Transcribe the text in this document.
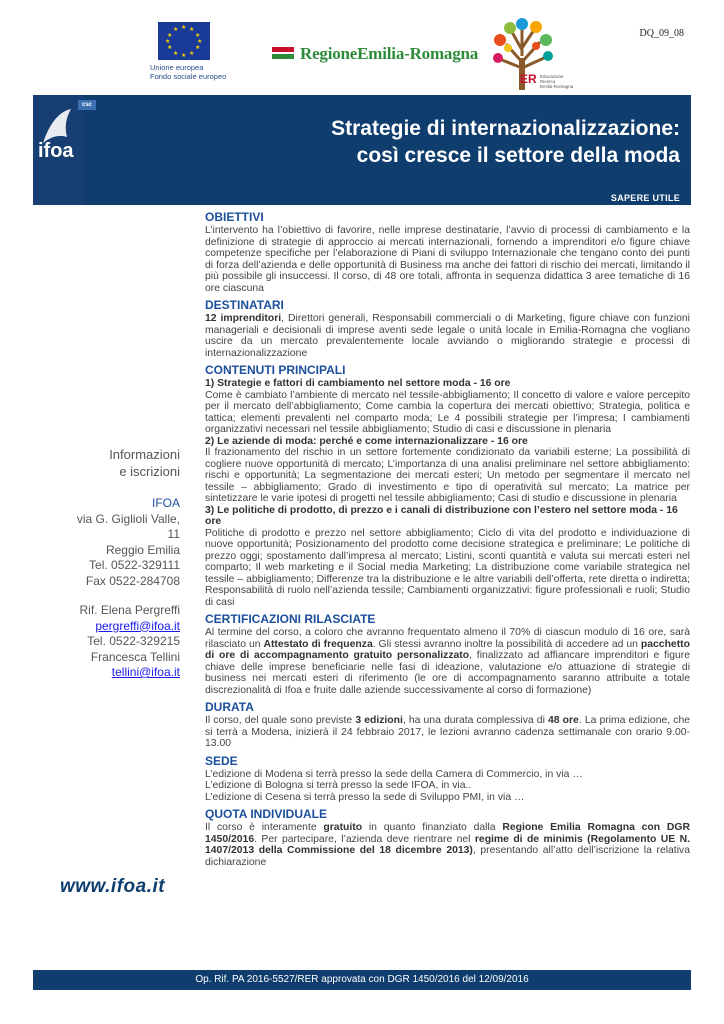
DQ_09_08
★ ★
★
★
★
★
★
★
★
★
★
★
Unione europea
Fondo sociale europeo
RegioneEmilia-Romagna
ER Educazione
Ricerca
Emilia-Romagna
csc
ifoa
Strategie di internazionalizzazione:
così cresce il settore della moda
SAPERE UTILE
Informazioni
e iscrizioni
IFOA
via G. Giglioli Valle,
11
Reggio Emilia
Tel. 0522-329111
Fax 0522-284708
Rif. Elena Pergreffi
pergreffi@ifoa.it
Tel. 0522-329215
Francesca Tellini
tellini@ifoa.it
www.ifoa.it
OBIETTIVI
L’intervento ha l’obiettivo di favorire, nelle imprese destinatarie, l’avvio di processi di cambiamento e la definizione di strategie di approccio ai mercati internazionali, fornendo a imprenditori e/o figure chiave competenze specifiche per l’elaborazione di Piani di sviluppo Internazionale che tengano conto dei punti di forza dell’azienda e delle opportunità di Business ma anche dei fattori di rischio dei mercati, limitando il più possibile gli insuccessi. Il corso, di 48 ore totali, affronta in sequenza didattica 3 aree tematiche di 16 ore ciascuna
DESTINATARI
12 imprenditori, Direttori generali, Responsabili commerciali o di Marketing, figure chiave con funzioni manageriali e decisionali di imprese aventi sede legale o unità locale in Emilia-Romagna che vogliano uscire da un mercato prevalentemente locale avviando o migliorando strategie e processi di internazionalizzazione
CONTENUTI PRINCIPALI
1) Strategie e fattori di cambiamento nel settore moda - 16 ore
Come è cambiato l’ambiente di mercato nel tessile-abbigliamento; Il concetto di valore e valore percepito per il mercato dell’abbigliamento; Come cambia la copertura dei mercati obiettivo; Strategia, politica e tattica; elementi prevalenti nel comparto moda; Le 4 possibili strategie per l’impresa; I cambiamenti organizzativi necessari nel tessile abbigliamento; Studio di casi e discussione in plenaria
2) Le aziende di moda: perché e come internazionalizzare - 16 ore
Il frazionamento del rischio in un settore fortemente condizionato da variabili esterne; La possibilità di cogliere nuove opportunità di mercato; L’importanza di una analisi preliminare nel settore abbigliamento: rischi e opportunità; La segmentazione dei mercati esteri; Un metodo per segmentare il mercato nel tessile – abbigliamento; Grado di investimento e tipo di operatività sul mercato; La matrice per sintetizzare le varie ipotesi di progetti nel tessile abbigliamento; Casi di studio e discussione in plenaria
3) Le politiche di prodotto, di prezzo e i canali di distribuzione con l’estero nel settore moda - 16 ore
Politiche di prodotto e prezzo nel settore abbigliamento; Ciclo di vita del prodotto e individuazione di nuove opportunità; Posizionamento del prodotto come decisione strategica e preliminare; Le politiche di prezzo oggi; spostamento dall’impresa al mercato; Listini, sconti quantità e valuta sui mercati esteri nel comparto; Il web marketing e il Social media Marketing; La distribuzione come variabile strategica nel tessile – abbigliamento; Differenze tra la distribuzione e le altre variabili dell’offerta, rete diretta o indiretta; Responsabilità di ruolo nell’azienda tessile; Cambiamenti organizzativi: figure professionali e ruoli; Studio di casi
CERTIFICAZIONI RILASCIATE
Al termine del corso, a coloro che avranno frequentato almeno il 70% di ciascun modulo di 16 ore, sarà rilasciato un Attestato di frequenza. Gli stessi avranno inoltre la possibilità di accedere ad un pacchetto di ore di accompagnamento gratuito personalizzato, finalizzato ad affiancare imprenditori e figure chiave delle imprese beneficiarie nelle fasi di ideazione, valutazione e/o attuazione di strategie di business nei mercati esteri di riferimento (le ore di accompagnamento saranno attribuite a totale discrezionalità di Ifoa e fruite dalle aziende successivamente al corso di formazione)
DURATA
Il corso, del quale sono previste 3 edizioni, ha una durata complessiva di 48 ore. La prima edizione, che si terrà a Modena, inizierà il 24 febbraio 2017, le lezioni avranno cadenza settimanale con orario 9.00-13.00
SEDE
L’edizione di Modena si terrà presso la sede della Camera di Commercio, in via …
L’edizione di Bologna si terrà presso la sede IFOA, in via..
L’edizione di Cesena si terrà presso la sede di Sviluppo PMI, in via …
QUOTA INDIVIDUALE
Il corso è interamente gratuito in quanto finanziato dalla Regione Emilia Romagna con DGR 1450/2016. Per partecipare, l’azienda deve rientrare nel regime di de minimis (Regolamento UE N. 1407/2013 della Commissione del 18 dicembre 2013), presentando all’atto dell’iscrizione la relativa dichiarazione
Op. Rif. PA 2016-5527/RER approvata con DGR 1450/2016 del 12/09/2016
